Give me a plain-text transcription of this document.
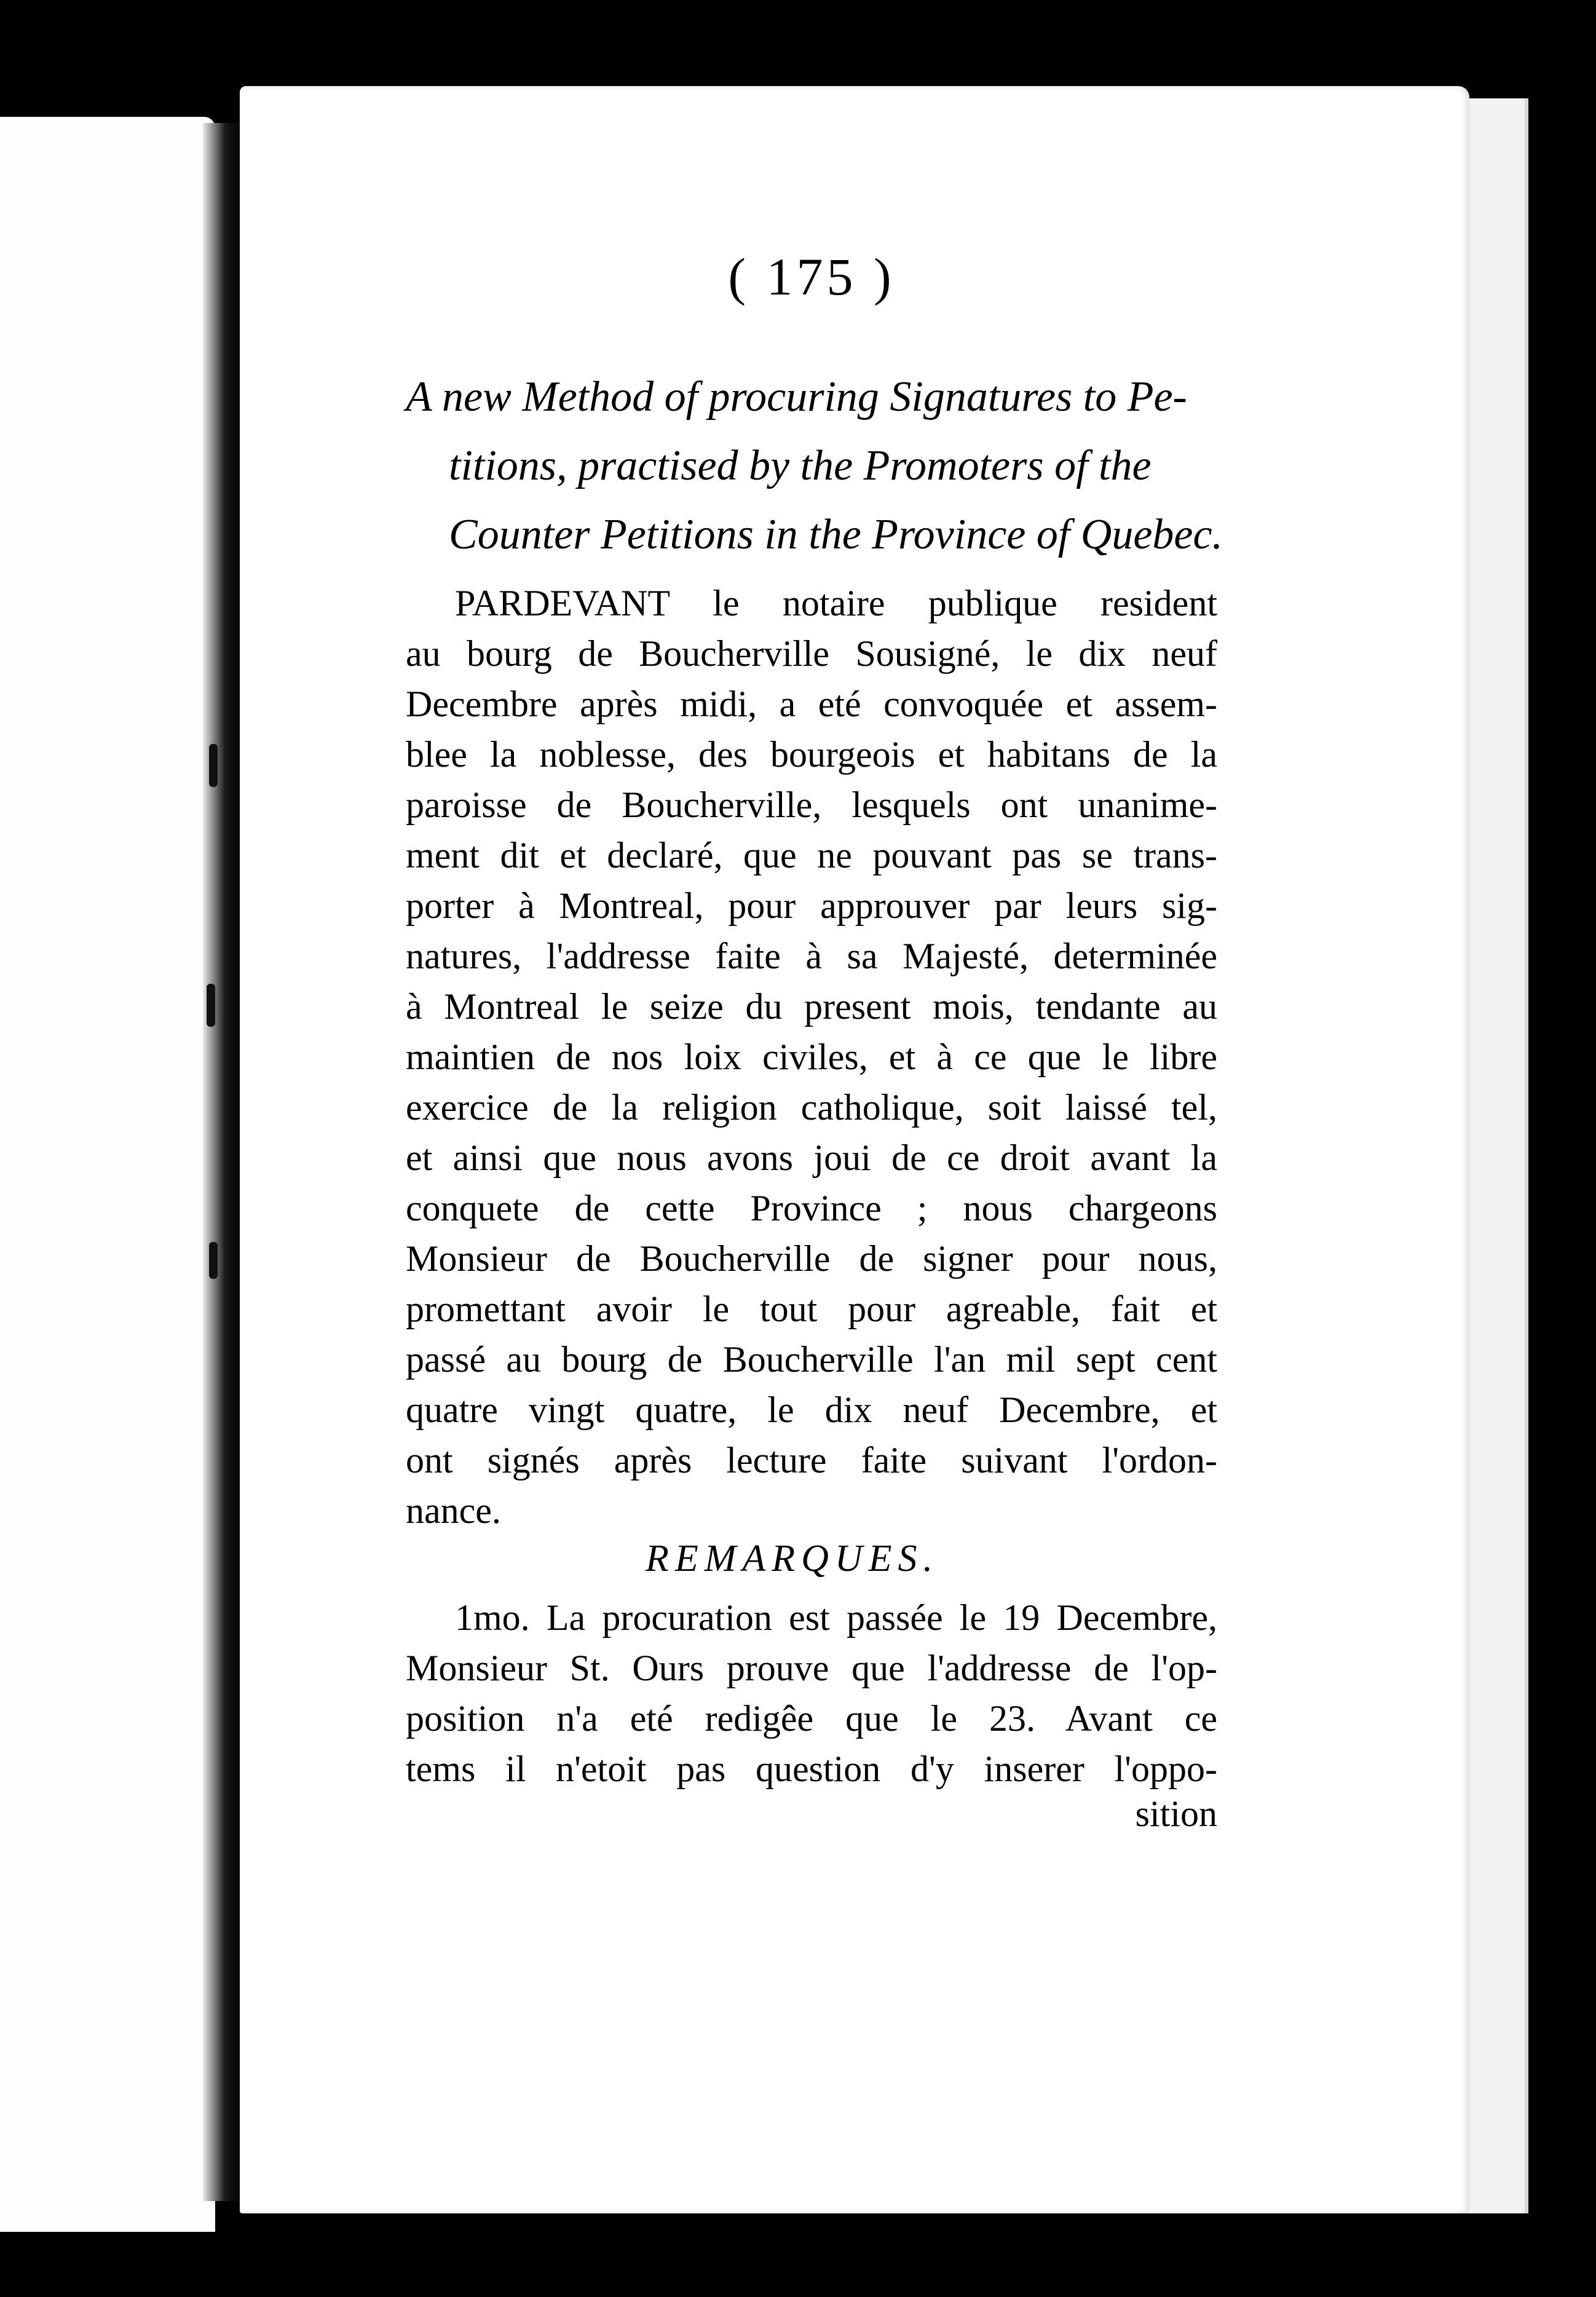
( 175 )
A new Method of procuring Signatures to Pe-
titions, practised by the Promoters of the
Counter Petitions in the Province of Quebec.
PARDEVANT le notaire publique resident
au bourg de Boucherville Sousigné, le dix neuf
Decembre après midi, a eté convoquée et assem-
blee la noblesse, des bourgeois et habitans de la
paroisse de Boucherville, lesquels ont unanime-
ment dit et declaré, que ne pouvant pas se trans-
porter à Montreal, pour approuver par leurs sig-
natures, l'addresse faite à sa Majesté, determinée
à Montreal le seize du present mois, tendante au
maintien de nos loix civiles, et à ce que le libre
exercice de la religion catholique, soit laissé tel,
et ainsi que nous avons joui de ce droit avant la
conquete de cette Province ; nous chargeons
Monsieur de Boucherville de signer pour nous,
promettant avoir le tout pour agreable, fait et
passé au bourg de Boucherville l'an mil sept cent
quatre vingt quatre, le dix neuf Decembre, et
ont signés après lecture faite suivant l'ordon-
nance.
REMARQUES.
1mo. La procuration est passée le 19 Decembre,
Monsieur St. Ours prouve que l'addresse de l'op-
position n'a eté redigêe que le 23. Avant ce
tems il n'etoit pas question d'y inserer l'oppo-
sition
